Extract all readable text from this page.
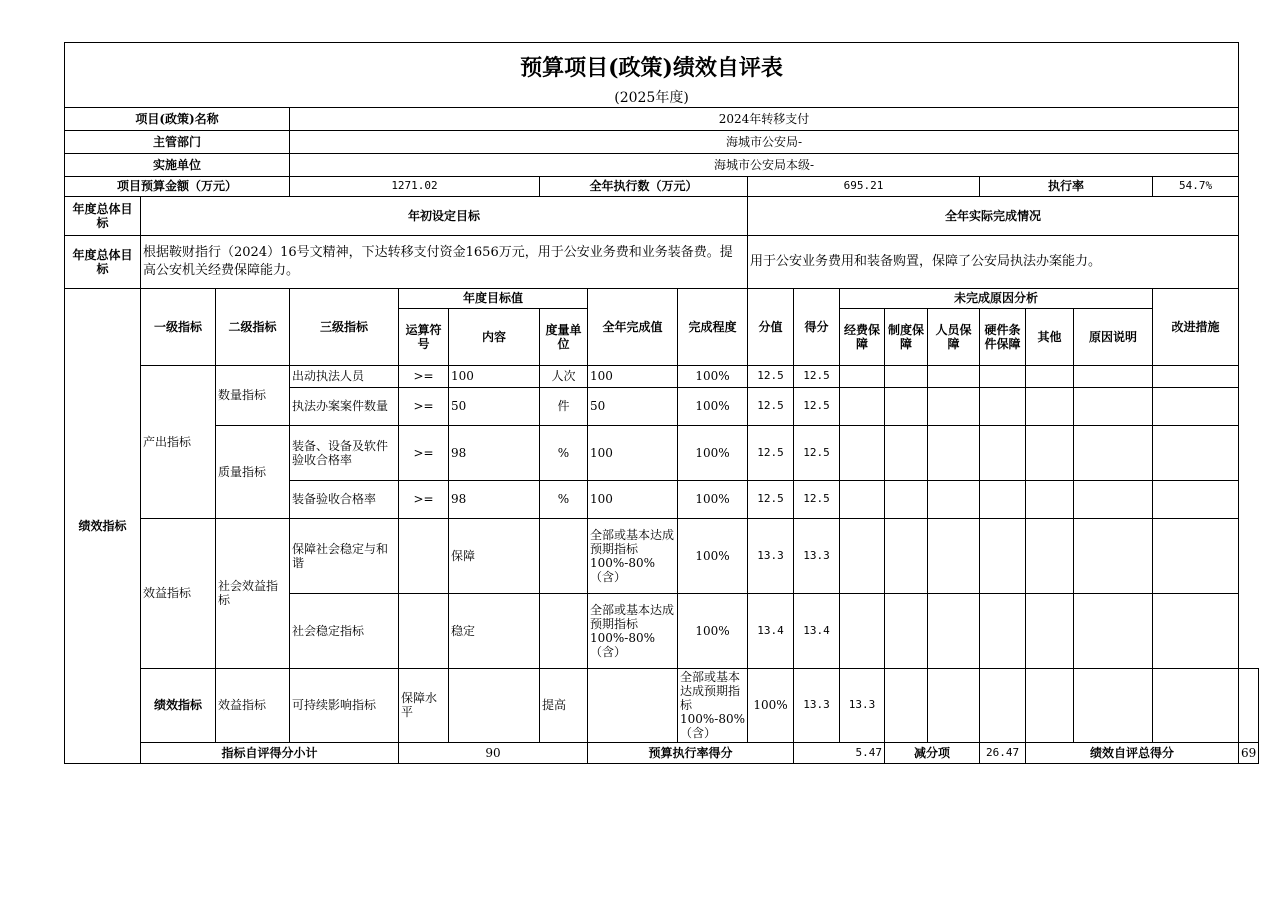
预算项目(政策)绩效自评表																		

(2025年度)																		
项目(政策)名称			2024年转移支付															
主管部门			海城市公安局-															
实施单位			海城市公安局本级-															
项目预算金额（万元）			1271.02			全年执行数（万元）			695.21					执行率			54.7%	
年度总体目标	年初设定目标								全年实际完成情况									
年度总体目标	根据鞍财指行（2024）16号文精神，下达转移支付资金1656万元，用于公安业务费和业务装备费。提高公安机关经费保障能力。								用于公安业务费用和装备购置，保障了公安局执法办案能力。									
绩效指标	一级指标	二级指标	三级指标	年度目标值			全年完成值	完成程度	分值	得分	未完成原因分析						改进措施	
				运算符号	内容	度量单位					经费保障	制度保障	人员保障	硬件条件保障	其他	原因说明		
	产出指标	数量指标	出动执法人员	>=	100	人次	100	100%	12.5	12.5								
			执法办案案件数量	>=	50	件	50	100%	12.5	12.5								
		质量指标	装备、设备及软件验收合格率	>=	98	%	100	100%	12.5	12.5								
			装备验收合格率	>=	98	%	100	100%	12.5	12.5								
	效益指标	社会效益指标	保障社会稳定与和谐		保障		全部或基本达成预期指标100%-80%（含）	100%	13.3	13.3								
			社会稳定指标		稳定		全部或基本达成预期指标100%-80%（含）	100%	13.4	13.4								
	绩效指标	效益指标	可持续影响指标	保障水平		提高		全部或基本达成预期指标100%-80%（含）	100%	13.3	13.3							
	指标自评得分小计			90			预算执行率得分			5.47		减分项		26.47	绩效自评总得分			69
